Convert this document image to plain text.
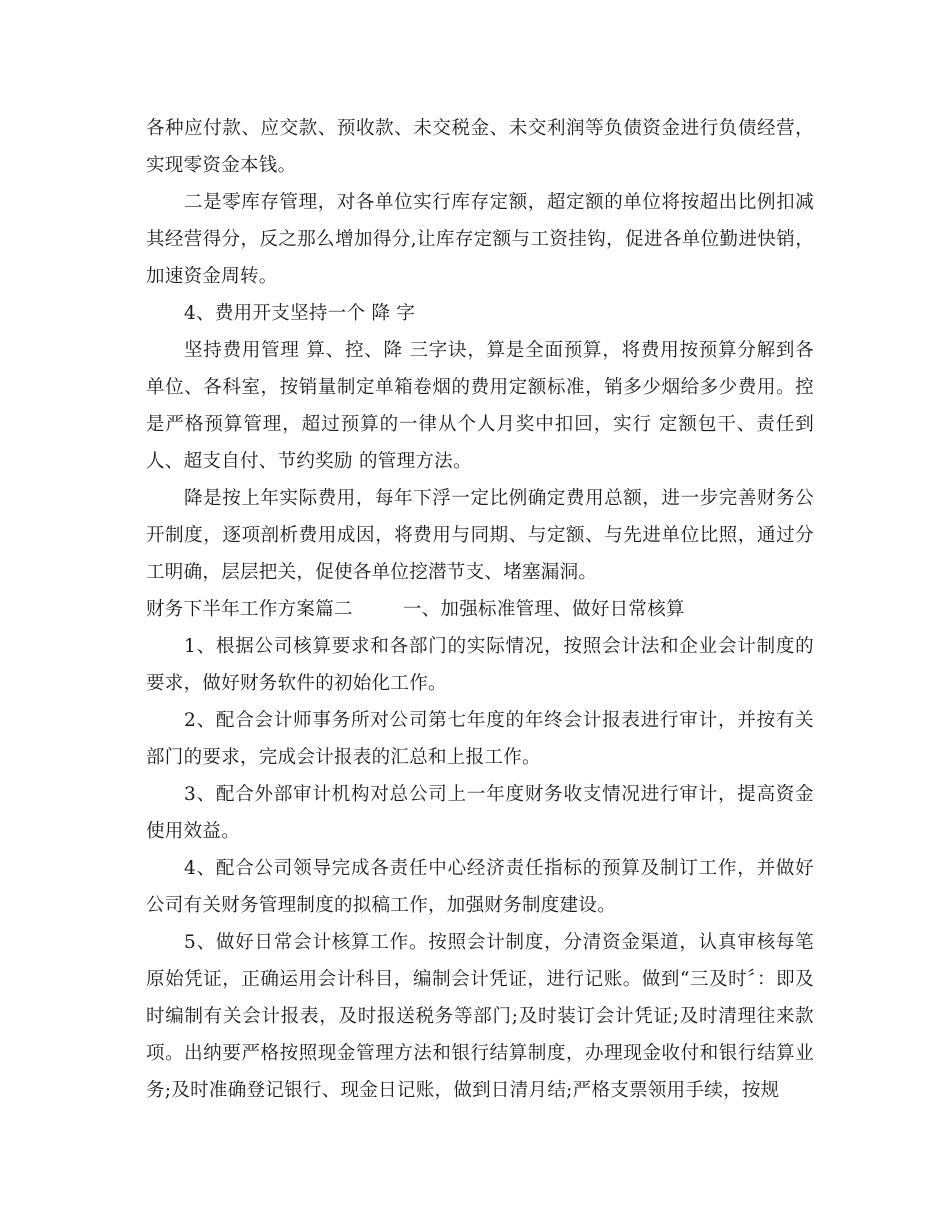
各种应付款、应交款、预收款、未交税金、未交利润等负债资金进行负债经营，实现零资金本钱。

二是零库存管理，对各单位实行库存定额，超定额的单位将按超出比例扣减其经营得分，反之那么增加得分,让库存定额与工资挂钩，促进各单位勤进快销，加速资金周转。

4、费用开支坚持一个 降 字

坚持费用管理 算、控、降 三字诀，算是全面预算，将费用按预算分解到各单位、各科室，按销量制定单箱卷烟的费用定额标准，销多少烟给多少费用。控是严格预算管理，超过预算的一律从个人月奖中扣回，实行 定额包干、责任到人、超支自付、节约奖励 的管理方法。

降是按上年实际费用，每年下浮一定比例确定费用总额，进一步完善财务公开制度，逐项剖析费用成因，将费用与同期、与定额、与先进单位比照，通过分工明确，层层把关，促使各单位挖潜节支、堵塞漏洞。

财务下半年工作方案篇二	一、加强标准管理、做好日常核算

1、根据公司核算要求和各部门的实际情况，按照会计法和企业会计制度的要求，做好财务软件的初始化工作。

2、配合会计师事务所对公司第七年度的年终会计报表进行审计，并按有关部门的要求，完成会计报表的汇总和上报工作。

3、配合外部审计机构对总公司上一年度财务收支情况进行审计，提高资金使用效益。

4、配合公司领导完成各责任中心经济责任指标的预算及制订工作，并做好公司有关财务管理制度的拟稿工作，加强财务制度建设。

5、做好日常会计核算工作。按照会计制度，分清资金渠道，认真审核每笔原始凭证，正确运用会计科目，编制会计凭证，进行记账。做到“三及时〞：即及时编制有关会计报表，及时报送税务等部门;及时装订会计凭证;及时清理往来款项。出纳要严格按照现金管理方法和银行结算制度，办理现金收付和银行结算业务;及时准确登记银行、现金日记账，做到日清月结;严格支票领用手续，按规
